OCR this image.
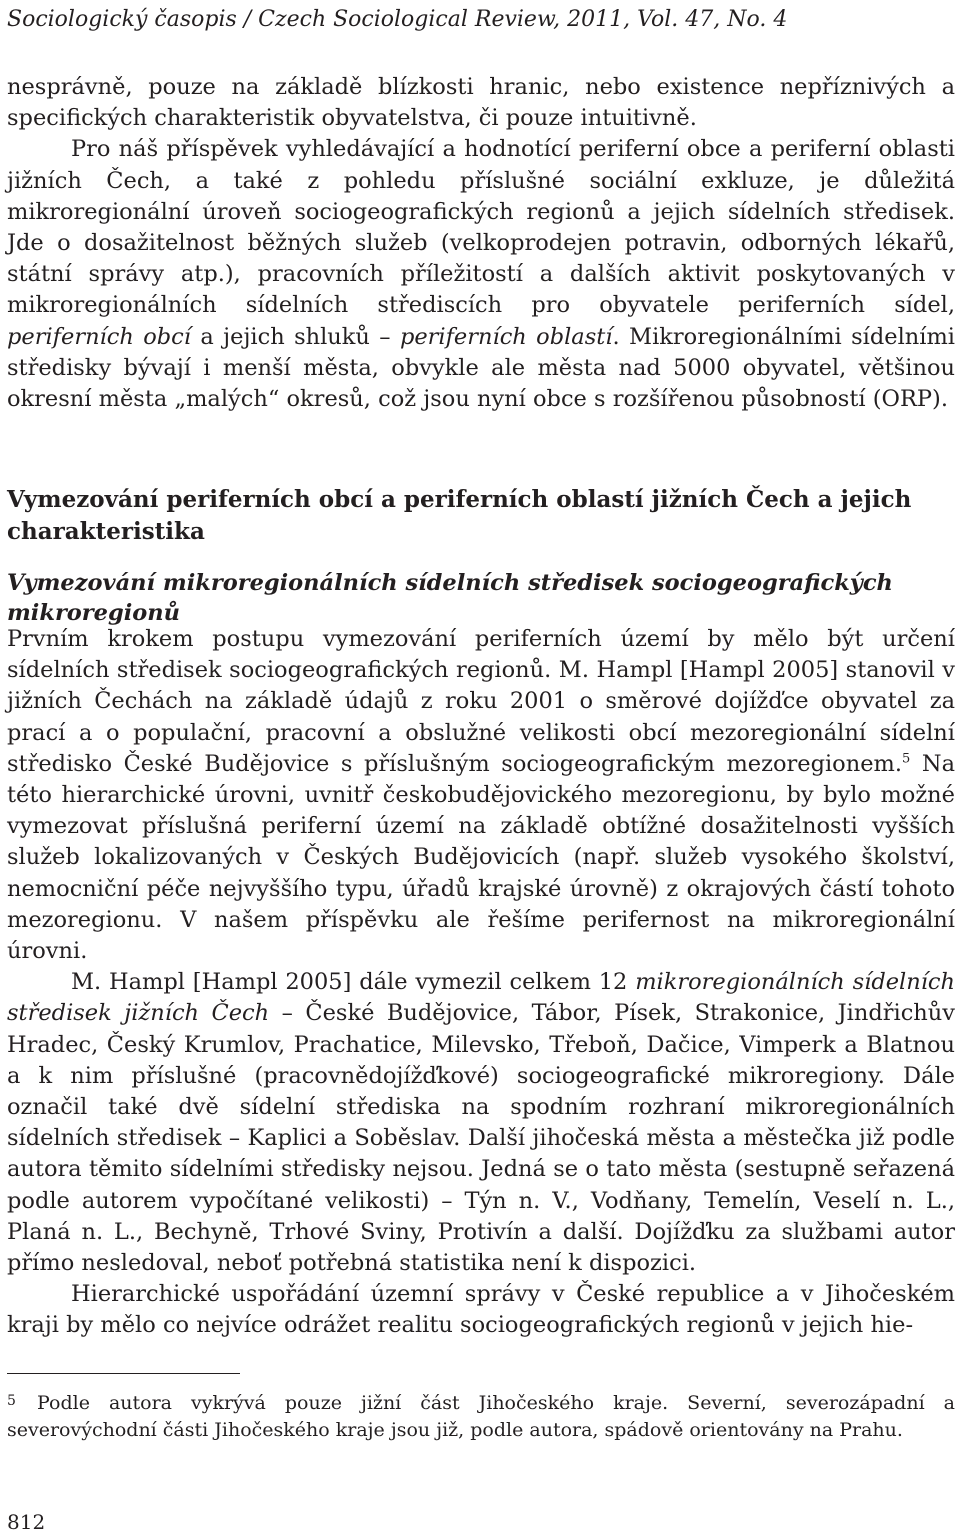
Sociologický časopis / Czech Sociological Review, 2011, Vol. 47, No. 4

nesprávně, pouze na základě blízkosti hranic, nebo existence nepříznivých a specifických charakteristik obyvatelstva, či pouze intuitivně.

Pro náš příspěvek vyhledávající a hodnotící periferní obce a periferní oblasti jižních Čech, a také z pohledu příslušné sociální exkluze, je důležitá mikroregionální úroveň sociogeografických regionů a jejich sídelních středisek. Jde o dosažitelnost běžných služeb (velkoprodejen potravin, odborných lékařů, státní správy atp.), pracovních příležitostí a dalších aktivit poskytovaných v mikroregionálních sídelních střediscích pro obyvatele periferních sídel, periferních obcí a jejich shluků – periferních oblastí. Mikroregionálními sídelními středisky bývají i menší města, obvykle ale města nad 5000 obyvatel, většinou okresní města „malých“ okresů, což jsou nyní obce s rozšířenou působností (ORP).

Vymezování periferních obcí a periferních oblastí jižních Čech a jejich charakteristika
Vymezování mikroregionálních sídelních středisek sociogeografických mikroregionů

Prvním krokem postupu vymezování periferních území by mělo být určení sídelních středisek sociogeografických regionů. M. Hampl [Hampl 2005] stanovil v jižních Čechách na základě údajů z roku 2001 o směrové dojížďce obyvatel za prací a o populační, pracovní a obslužné velikosti obcí mezoregionální sídelní středisko České Budějovice s příslušným sociogeografickým mezoregionem.$^5$ Na této hierarchické úrovni, uvnitř českobudějovického mezoregionu, by bylo možné vymezovat příslušná periferní území na základě obtížné dosažitelnosti vyšších služeb lokalizovaných v Českých Budějovicích (např. služeb vysokého školství, nemocniční péče nejvyššího typu, úřadů krajské úrovně) z okrajových částí tohoto mezoregionu. V našem příspěvku ale řešíme perifernost na mikroregionální úrovni.

M. Hampl [Hampl 2005] dále vymezil celkem 12 mikroregionálních sídelních středisek jižních Čech – České Budějovice, Tábor, Písek, Strakonice, Jindřichův Hradec, Český Krumlov, Prachatice, Milevsko, Třeboň, Dačice, Vimperk a Blatnou a k nim příslušné (pracovnědojížďkové) sociogeografické mikroregiony. Dále označil také dvě sídelní střediska na spodním rozhraní mikroregionálních sídelních středisek – Kaplici a Soběslav. Další jihočeská města a městečka již podle autora těmito sídelními středisky nejsou. Jedná se o tato města (sestupně seřazená podle autorem vypočítané velikosti) – Týn n. V., Vodňany, Temelín, Veselí n. L., Planá n. L., Bechyně, Trhové Sviny, Protivín a další. Dojížďku za službami autor přímo nesledoval, neboť potřebná statistika není k dispozici.

Hierarchické uspořádání územní správy v České republice a v Jihočeském kraji by mělo co nejvíce odrážet realitu sociogeografických regionů v jejich hie-

5 Podle autora vykrývá pouze jižní část Jihočeského kraje. Severní, severozápadní a severovýchodní části Jihočeského kraje jsou již, podle autora, spádově orientovány na Prahu.

812
